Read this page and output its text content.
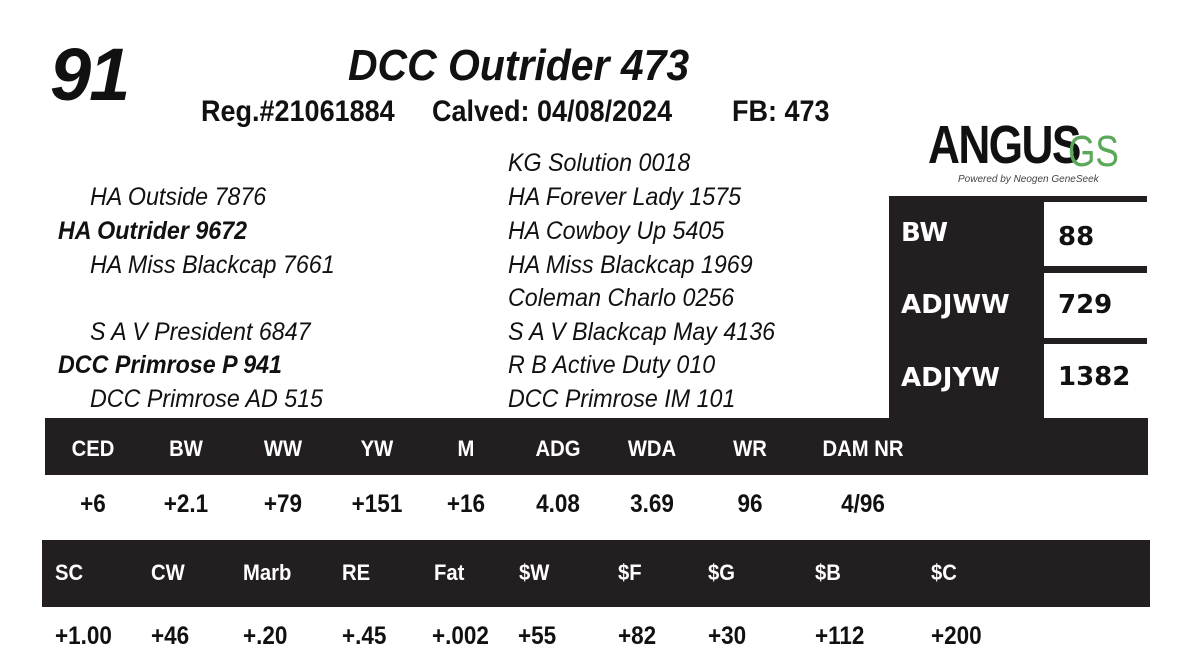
91	DCC Outrider 473
Reg.#21061884 Calved: 04/08/2024 FB: 473
HA Outside 7876
HA Outrider 9672
HA Miss Blackcap 7661
S A V President 6847
DCC Primrose P 941
DCC Primrose AD 515
KG Solution 0018
HA Forever Lady 1575
HA Cowboy Up 5405
HA Miss Blackcap 1969
Coleman Charlo 0256
S A V Blackcap May 4136
R B Active Duty 010
DCC Primrose IM 101
ANGUS
GS
Powered by Neogen GeneSeek
BW	88
ADJWW 729
ADJYW 1382
CED	BW	WW	YW	M	ADG	WDA	WR	DAM NR
+6	+2.1	+79	+151	+16	4.08	3.69	96	4/96
SC	CW	Marb RE	Fat $W	$F	$G	$B	$C
+1.00 +46 +.20 +.45 +.002 +55 +82 +30	+112	+200
